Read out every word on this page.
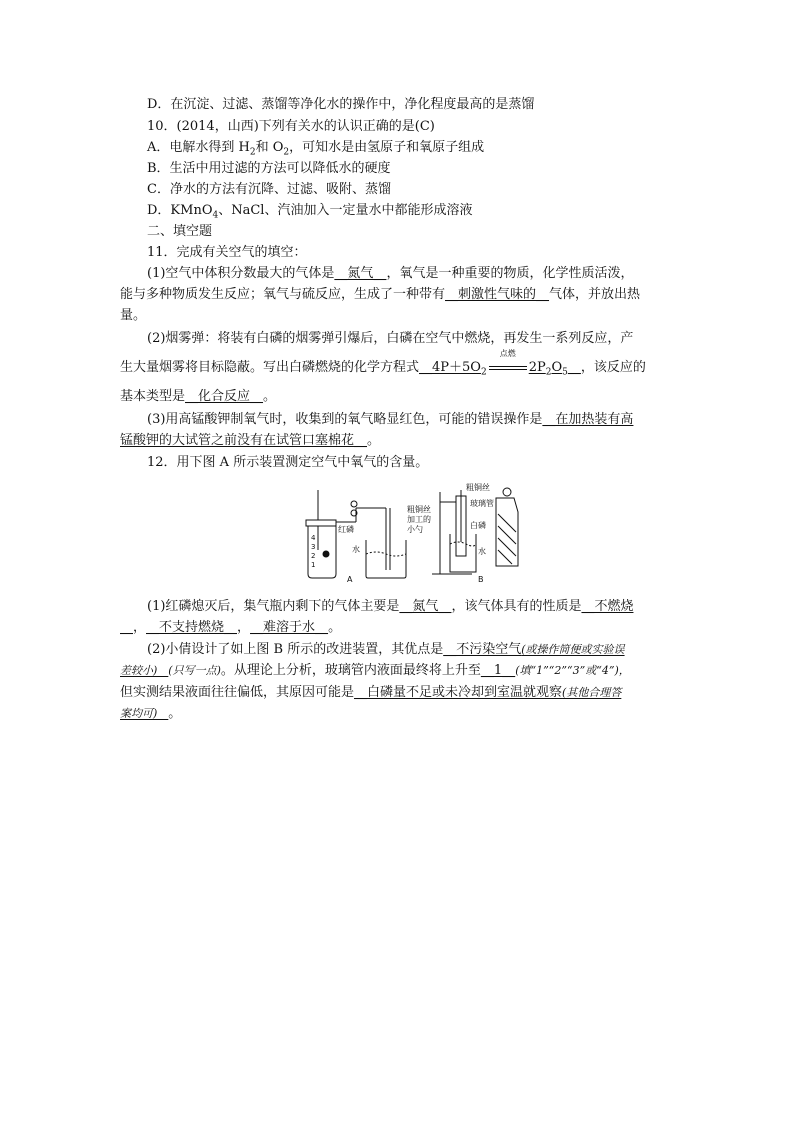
D．在沉淀、过滤、蒸馏等净化水的操作中，净化程度最高的是蒸馏
10．(2014，山西)下列有关水的认识正确的是(C)
A．电解水得到 $H_2$和 $O_2$，可知水是由氢原子和氧原子组成
B．生活中用过滤的方法可以降低水的硬度
C．净水的方法有沉降、过滤、吸附、蒸馏
D．KMnO$_4$、NaCl、汽油加入一定量水中都能形成溶液
二、填空题
11．完成有关空气的填空：
(1)空气中体积分数最大的气体是__氮气__，氧气是一种重要的物质，化学性质活泼，
能与多种物质发生反应；氧气与硫反应，生成了一种带有__刺激性气味的__气体，并放出热
量。
(2)烟雾弹：将装有白磷的烟雾弹引爆后，白磷在空气中燃烧，再发生一系列反应，产
生大量烟雾将目标隐蔽。写出白磷燃烧的化学方程式$\_\_4P+5O_2$
点燃
$2P_2O_5\_\_$，该反应的
基本类型是__化合反应__。
(3)用高锰酸钾制氧气时，收集到的氧气略显红色，可能的错误操作是__在加热装有高
锰酸钾的大试管之前没有在试管口塞棉花__。
12．用下图 A 所示装置测定空气中氧气的含量。
4
3
2
1
红磷
水
A
粗铜丝
玻璃管
粗铜丝
加工的
小勺	白磷
水
B
(1)红磷熄灭后，集气瓶内剩下的气体主要是__氮气__，该气体具有的性质是__不燃烧
__，__不支持燃烧__，__难溶于水__。
(2)小倩设计了如上图 B 所示的改进装置，其优点是__不污染空气(或操作简便或实验误
差较小)__(只写一点)。从理论上分析，玻璃管内液面最终将上升至__1__(填“1”“2”“3”或“4”)，
但实测结果液面往往偏低，其原因可能是__白磷量不足或未冷却到室温就观察(其他合理答
案均可)__。
